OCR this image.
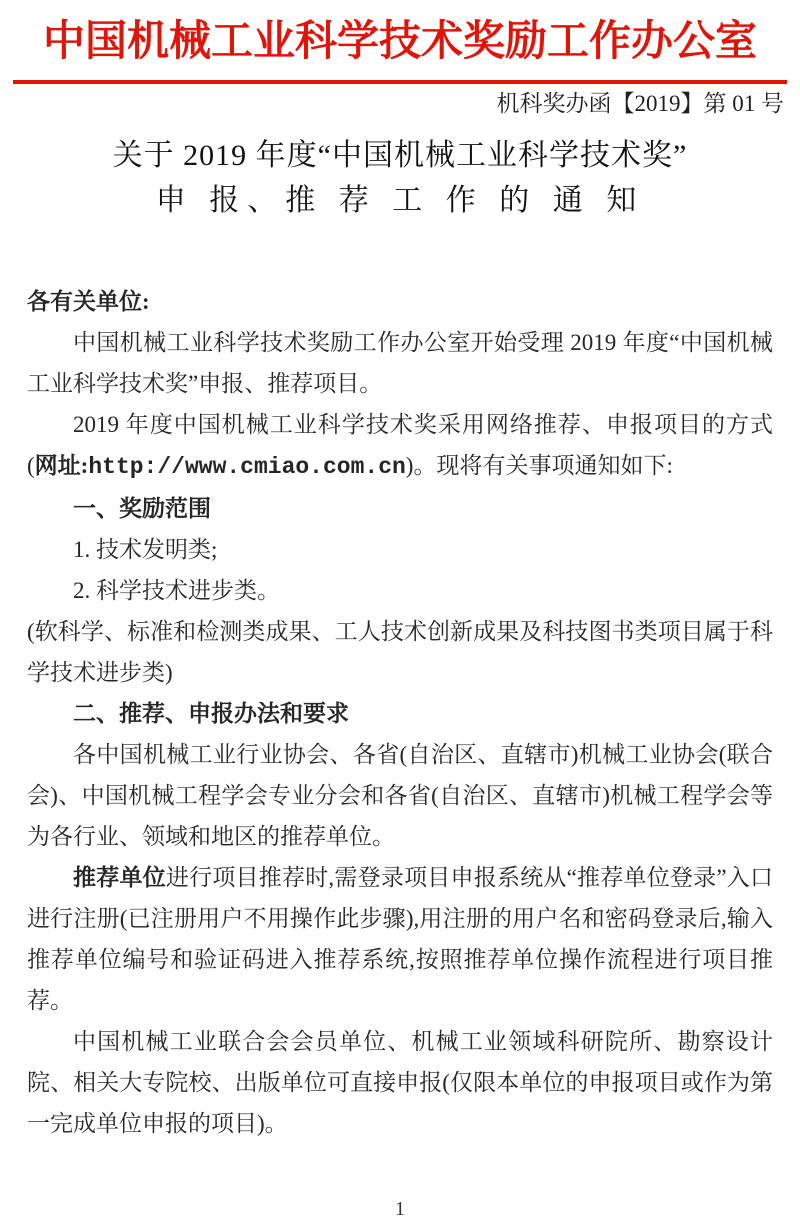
中国机械工业科学技术奖励工作办公室
机科奖办函【2019】第 01 号
关于 2019 年度“中国机械工业科学技术奖”
申 报、推 荐 工 作 的 通 知

各有关单位:

中国机械工业科学技术奖励工作办公室开始受理 2019 年度“中国机械工业科学技术奖”申报、推荐项目。

2019 年度中国机械工业科学技术奖采用网络推荐、申报项目的方式(网址:http://www.cmiao.com.cn)。现将有关事项通知如下:

一、奖励范围

1. 技术发明类;

2. 科学技术进步类。

(软科学、标准和检测类成果、工人技术创新成果及科技图书类项目属于科学技术进步类)

二、推荐、申报办法和要求

各中国机械工业行业协会、各省(自治区、直辖市)机械工业协会(联合会)、中国机械工程学会专业分会和各省(自治区、直辖市)机械工程学会等为各行业、领域和地区的推荐单位。

推荐单位进行项目推荐时,需登录项目申报系统从“推荐单位登录”入口进行注册(已注册用户不用操作此步骤),用注册的用户名和密码登录后,输入推荐单位编号和验证码进入推荐系统,按照推荐单位操作流程进行项目推荐。

中国机械工业联合会会员单位、机械工业领域科研院所、勘察设计院、相关大专院校、出版单位可直接申报(仅限本单位的申报项目或作为第一完成单位申报的项目)。

1
